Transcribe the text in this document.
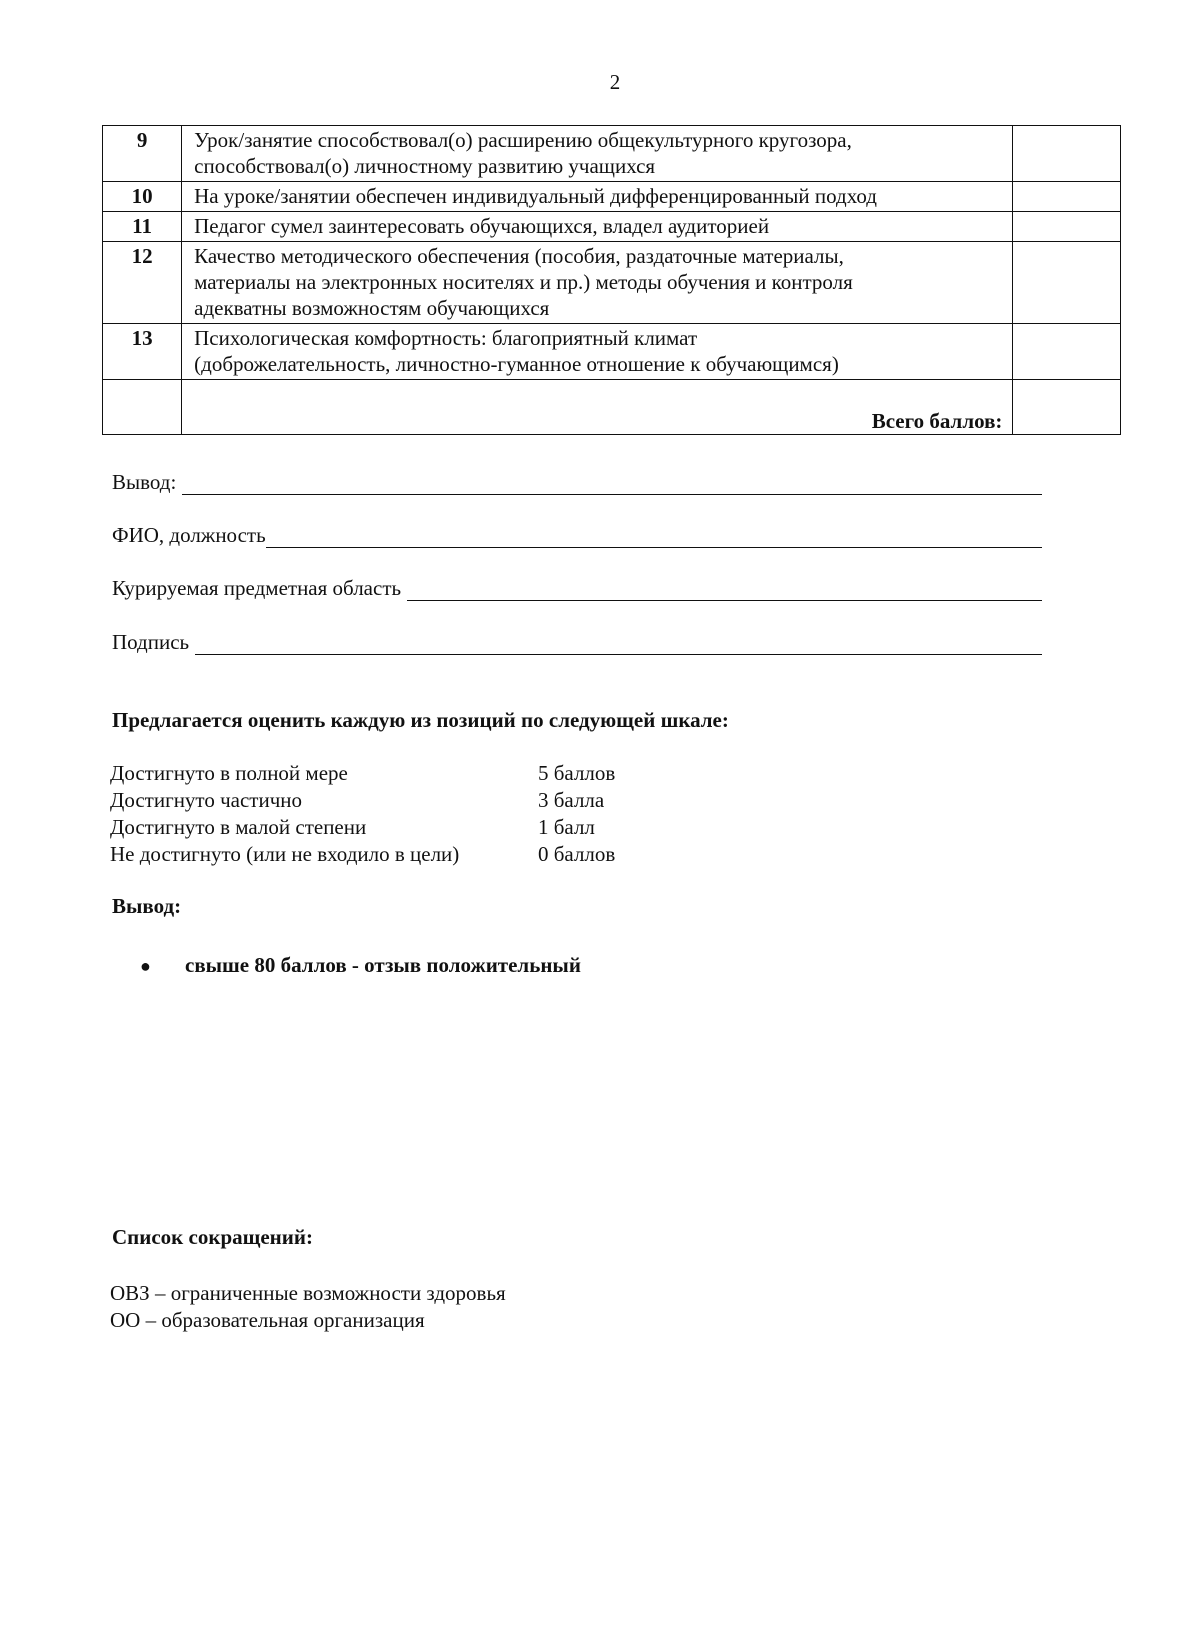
2
9	Урок/занятие способствовал(о) расширению общекультурного кругозора,
способствовал(о) личностному развитию учащихся	

10	На уроке/занятии обеспечен индивидуальный дифференцированный подход	

11	Педагог сумел заинтересовать обучающихся, владел аудиторией	

12	Качество методического обеспечения (пособия, раздаточные материалы,
материалы на электронных носителях и пр.) методы обучения и контроля
адекватны возможностям обучающихся	

13	Психологическая комфортность: благоприятный климат
(доброжелательность, личностно-гуманное отношение к обучающимся)	

	Всего баллов:	
Вывод:
ФИО, должность
Курируемая предметная область
Подпись
Предлагается оценить каждую из позиций по следующей шкале:
Достигнуто в полной мере	5 баллов
Достигнуто частично	3 балла
Достигнуто в малой степени	1 балл
Не достигнуто (или не входило в цели)	0 баллов
Вывод:
●	свыше 80 баллов - отзыв положительный
Список сокращений:
ОВЗ – ограниченные возможности здоровья
ОО – образовательная организация
